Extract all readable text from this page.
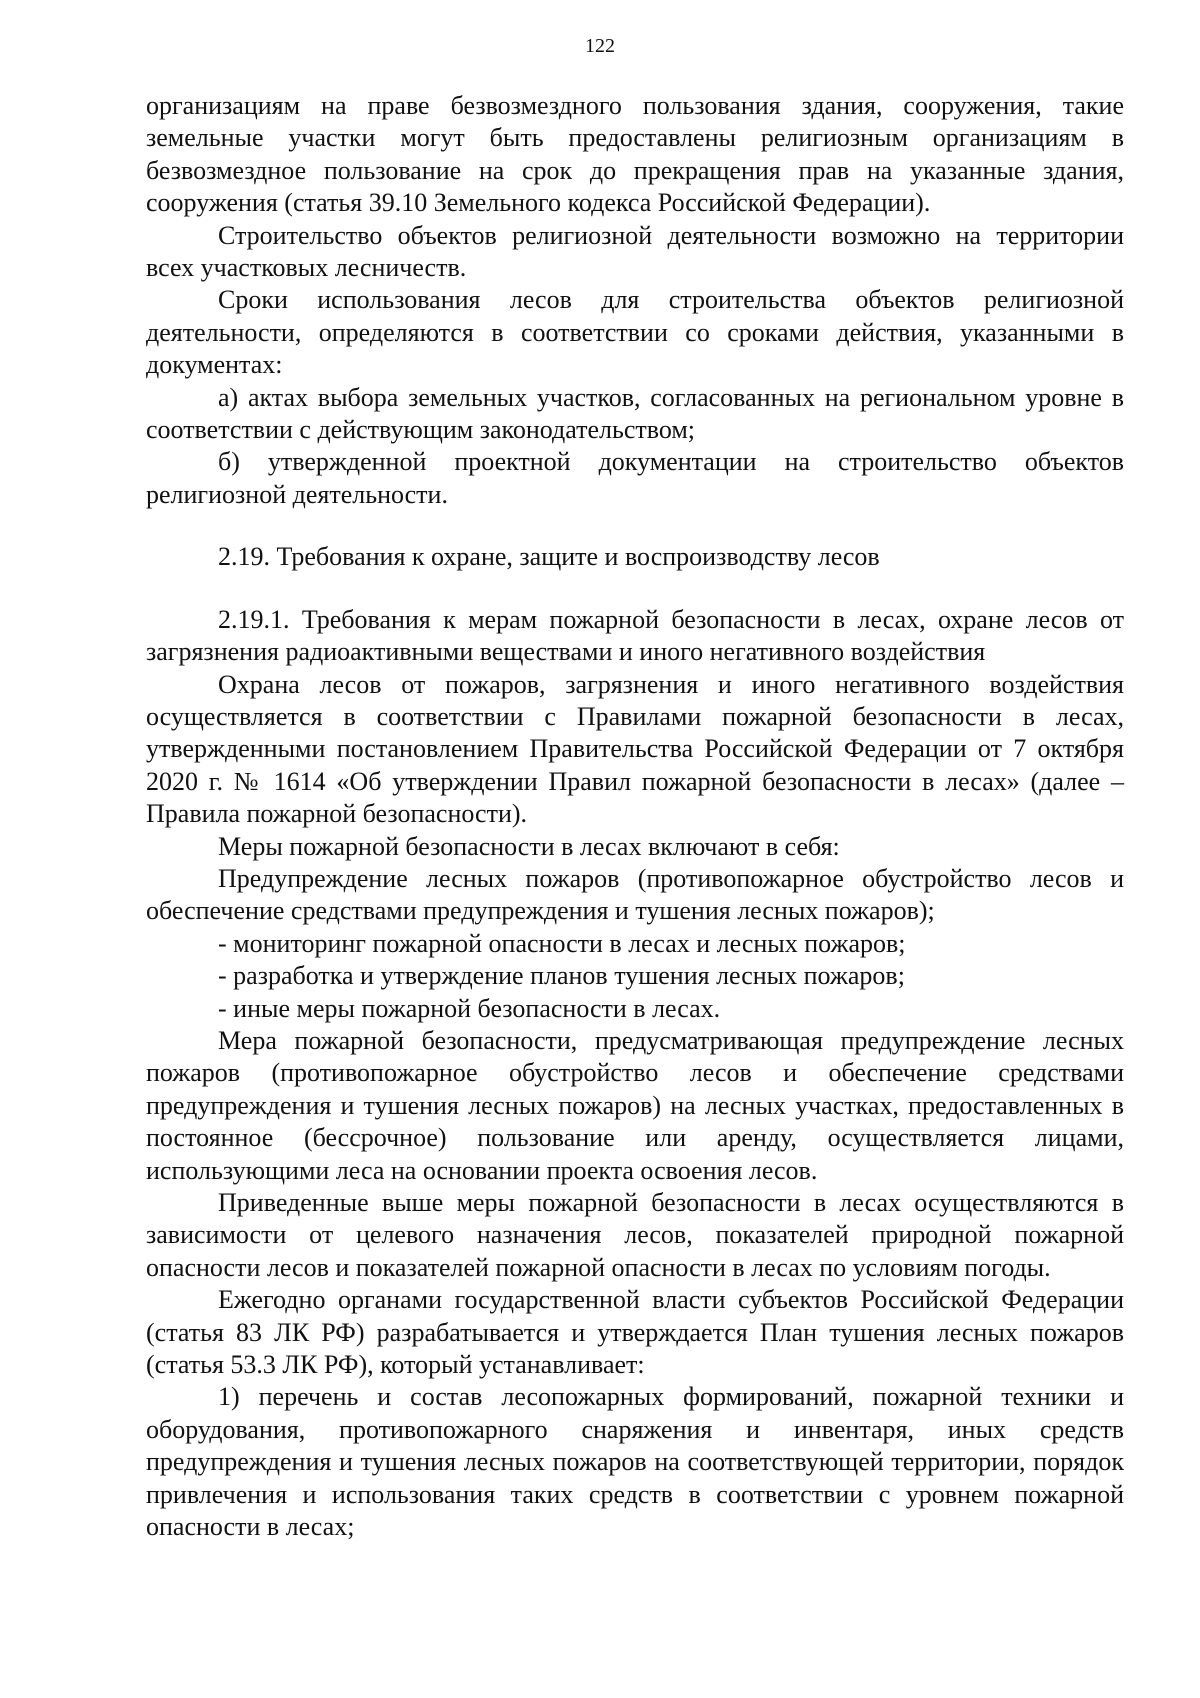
122

организациям на праве безвозмездного пользования здания, сооружения, такие земельные участки могут быть предоставлены религиозным организациям в безвозмездное пользование на срок до прекращения прав на указанные здания, сооружения (статья 39.10 Земельного кодекса Российской Федерации).

Строительство объектов религиозной деятельности возможно на территории всех участковых лесничеств.

Сроки использования лесов для строительства объектов религиозной деятельности, определяются в соответствии со сроками действия, указанными в документах:

а) актах выбора земельных участков, согласованных на региональном уровне в соответствии с действующим законодательством;

б) утвержденной проектной документации на строительство объектов религиозной деятельности.

2.19. Требования к охране, защите и воспроизводству лесов

2.19.1. Требования к мерам пожарной безопасности в лесах, охране лесов от загрязнения радиоактивными веществами и иного негативного воздействия

Охрана лесов от пожаров, загрязнения и иного негативного воздействия осуществляется в соответствии с Правилами пожарной безопасности в лесах, утвержденными постановлением Правительства Российской Федерации от 7 октября 2020 г. № 1614 «Об утверждении Правил пожарной безопасности в лесах» (далее – Правила пожарной безопасности).

Меры пожарной безопасности в лесах включают в себя:

Предупреждение лесных пожаров (противопожарное обустройство лесов и обеспечение средствами предупреждения и тушения лесных пожаров);

- мониторинг пожарной опасности в лесах и лесных пожаров;

- разработка и утверждение планов тушения лесных пожаров;

- иные меры пожарной безопасности в лесах.

Мера пожарной безопасности, предусматривающая предупреждение лесных пожаров (противопожарное обустройство лесов и обеспечение средствами предупреждения и тушения лесных пожаров) на лесных участках, предоставленных в постоянное (бессрочное) пользование или аренду, осуществляется лицами, использующими леса на основании проекта освоения лесов.

Приведенные выше меры пожарной безопасности в лесах осуществляются в зависимости от целевого назначения лесов, показателей природной пожарной опасности лесов и показателей пожарной опасности в лесах по условиям погоды.

Ежегодно органами государственной власти субъектов Российской Федерации (статья 83 ЛК РФ) разрабатывается и утверждается План тушения лесных пожаров (статья 53.3 ЛК РФ), который устанавливает:

1) перечень и состав лесопожарных формирований, пожарной техники и оборудования, противопожарного снаряжения и инвентаря, иных средств предупреждения и тушения лесных пожаров на соответствующей территории, порядок привлечения и использования таких средств в соответствии с уровнем пожарной опасности в лесах;
